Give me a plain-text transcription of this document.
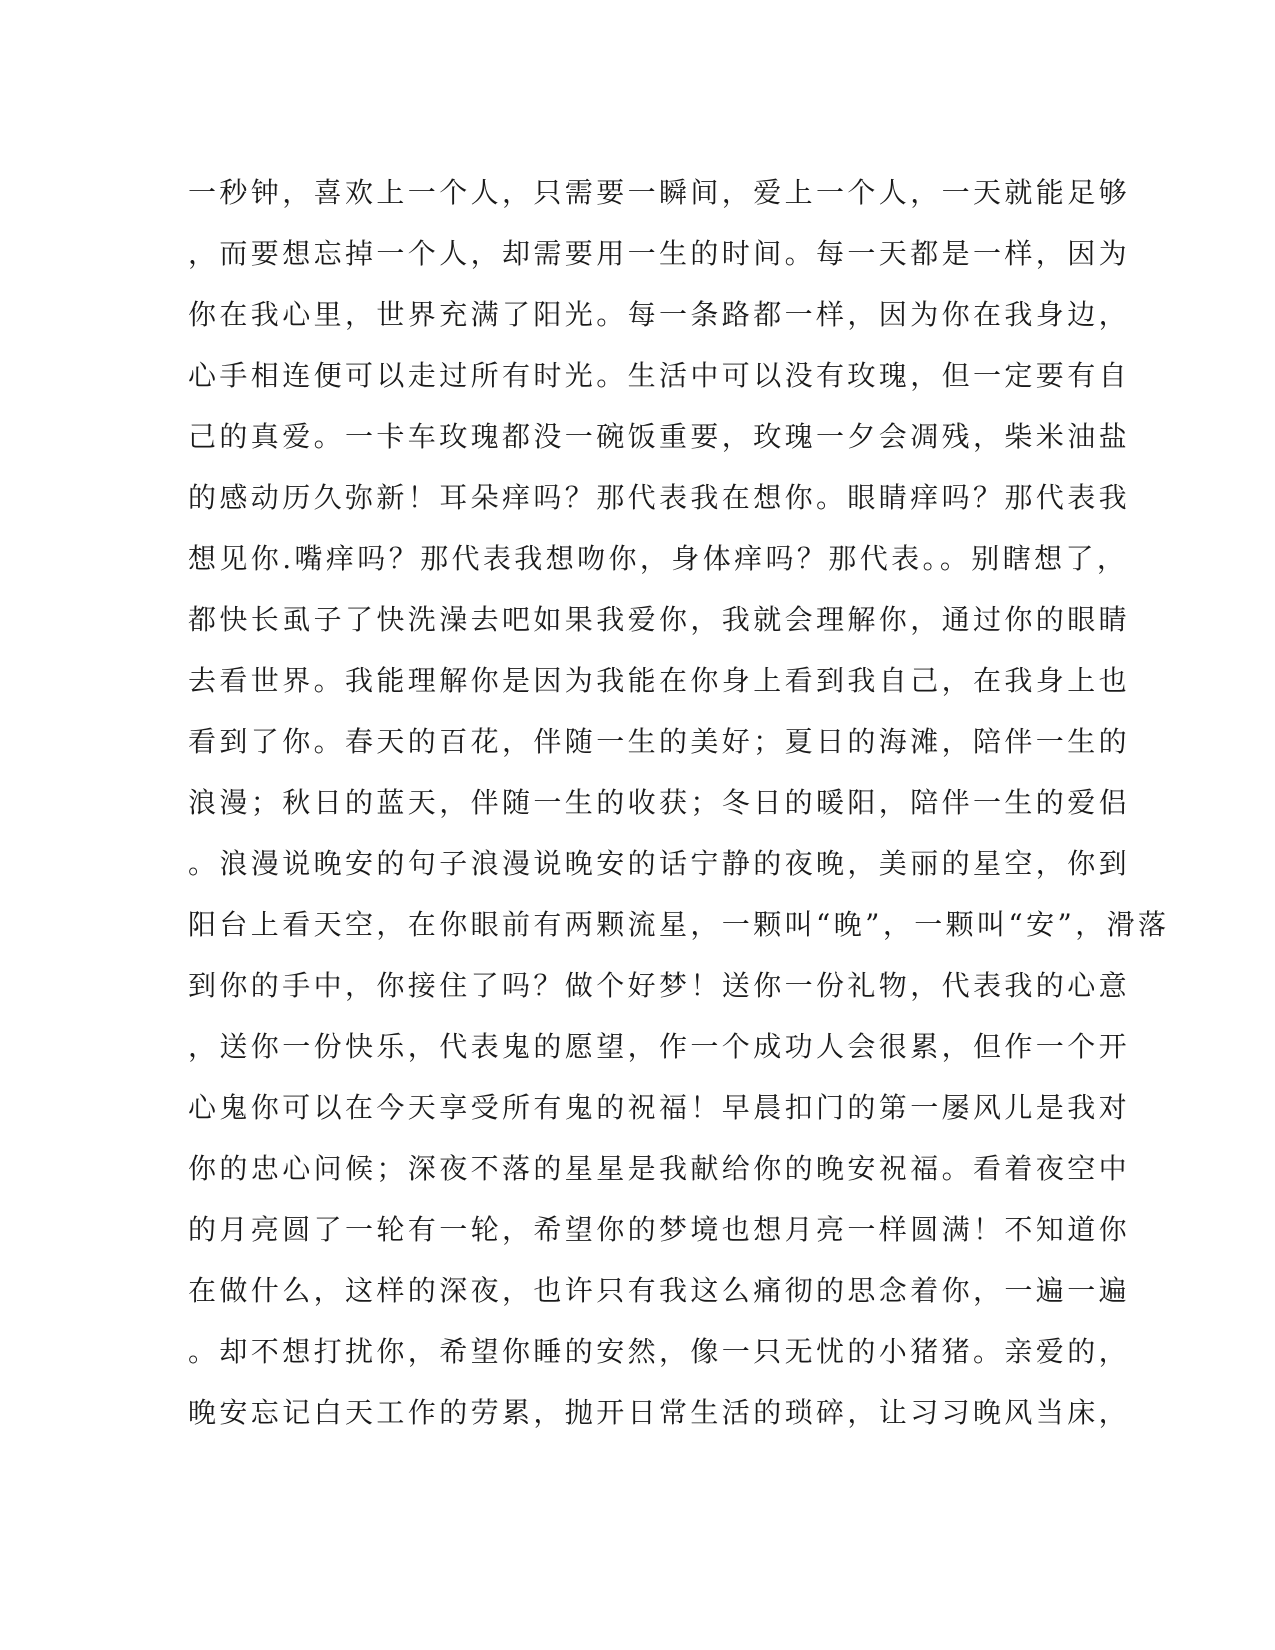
一秒钟，喜欢上一个人，只需要一瞬间，爱上一个人，一天就能足够
，而要想忘掉一个人，却需要用一生的时间。每一天都是一样，因为
你在我心里，世界充满了阳光。每一条路都一样，因为你在我身边，
心手相连便可以走过所有时光。生活中可以没有玫瑰，但一定要有自
己的真爱。一卡车玫瑰都没一碗饭重要，玫瑰一夕会凋残，柴米油盐
的感动历久弥新！耳朵痒吗？那代表我在想你。眼睛痒吗？那代表我
想见你.嘴痒吗？那代表我想吻你，身体痒吗？那代表。。别瞎想了，
都快长虱子了快洗澡去吧如果我爱你，我就会理解你，通过你的眼睛
去看世界。我能理解你是因为我能在你身上看到我自己，在我身上也
看到了你。春天的百花，伴随一生的美好；夏日的海滩，陪伴一生的
浪漫；秋日的蓝天，伴随一生的收获；冬日的暖阳，陪伴一生的爱侣
。浪漫说晚安的句子浪漫说晚安的话宁静的夜晚，美丽的星空，你到
阳台上看天空，在你眼前有两颗流星，一颗叫“晚”，一颗叫“安”，滑落
到你的手中，你接住了吗？做个好梦！送你一份礼物，代表我的心意
，送你一份快乐，代表鬼的愿望，作一个成功人会很累，但作一个开
心鬼你可以在今天享受所有鬼的祝福！早晨扣门的第一屡风儿是我对
你的忠心问候；深夜不落的星星是我献给你的晚安祝福。看着夜空中
的月亮圆了一轮有一轮，希望你的梦境也想月亮一样圆满！不知道你
在做什么，这样的深夜，也许只有我这么痛彻的思念着你，一遍一遍
。却不想打扰你，希望你睡的安然，像一只无忧的小猪猪。亲爱的，
晚安忘记白天工作的劳累，抛开日常生活的琐碎，让习习晚风当床，
